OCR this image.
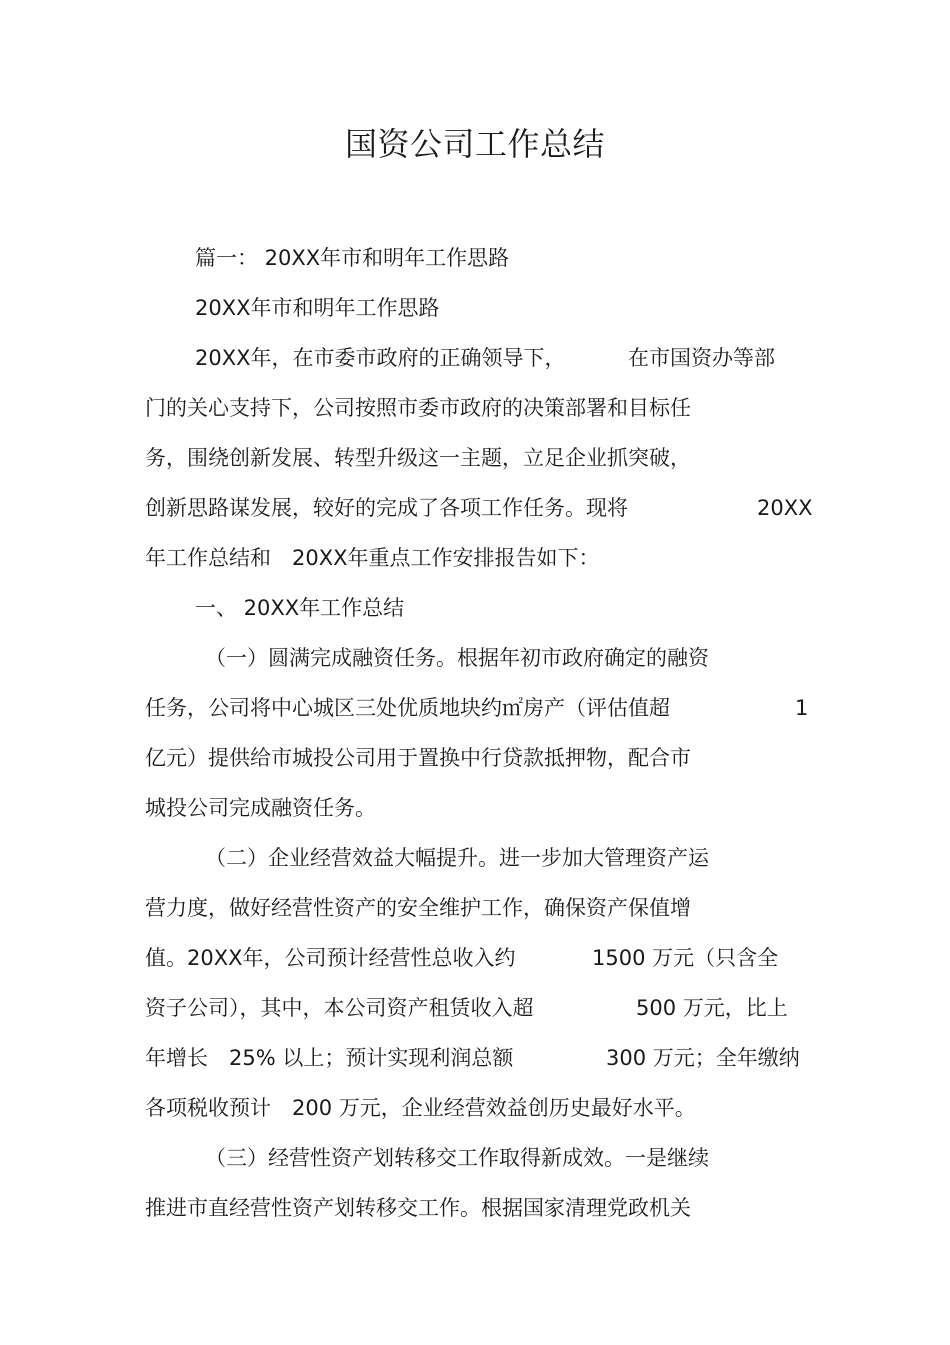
国资公司工作总结
篇一： 20XX年市和明年工作思路
20XX年市和明年工作思路
20XX年，在市委市政府的正确领导下，	在市国资办等部
门的关心支持下，公司按照市委市政府的决策部署和目标任
务，围绕创新发展、转型升级这一主题，立足企业抓突破，
创新思路谋发展，较好的完成了各项工作任务。现将	20XX
年工作总结和　20XX年重点工作安排报告如下：
一、 20XX年工作总结
（一）圆满完成融资任务。根据年初市政府确定的融资
任务，公司将中心城区三处优质地块约㎡房产（评估值超	1
亿元）提供给市城投公司用于置换中行贷款抵押物，配合市
城投公司完成融资任务。
（二）企业经营效益大幅提升。进一步加大管理资产运
营力度，做好经营性资产的安全维护工作，确保资产保值增
值。20XX年，公司预计经营性总收入约	1500 万元（只含全
资子公司），其中，本公司资产租赁收入超	500 万元，比上
年增长　25% 以上；预计实现利润总额	300 万元；全年缴纳
各项税收预计　200 万元，企业经营效益创历史最好水平。
（三）经营性资产划转移交工作取得新成效。一是继续
推进市直经营性资产划转移交工作。根据国家清理党政机关
